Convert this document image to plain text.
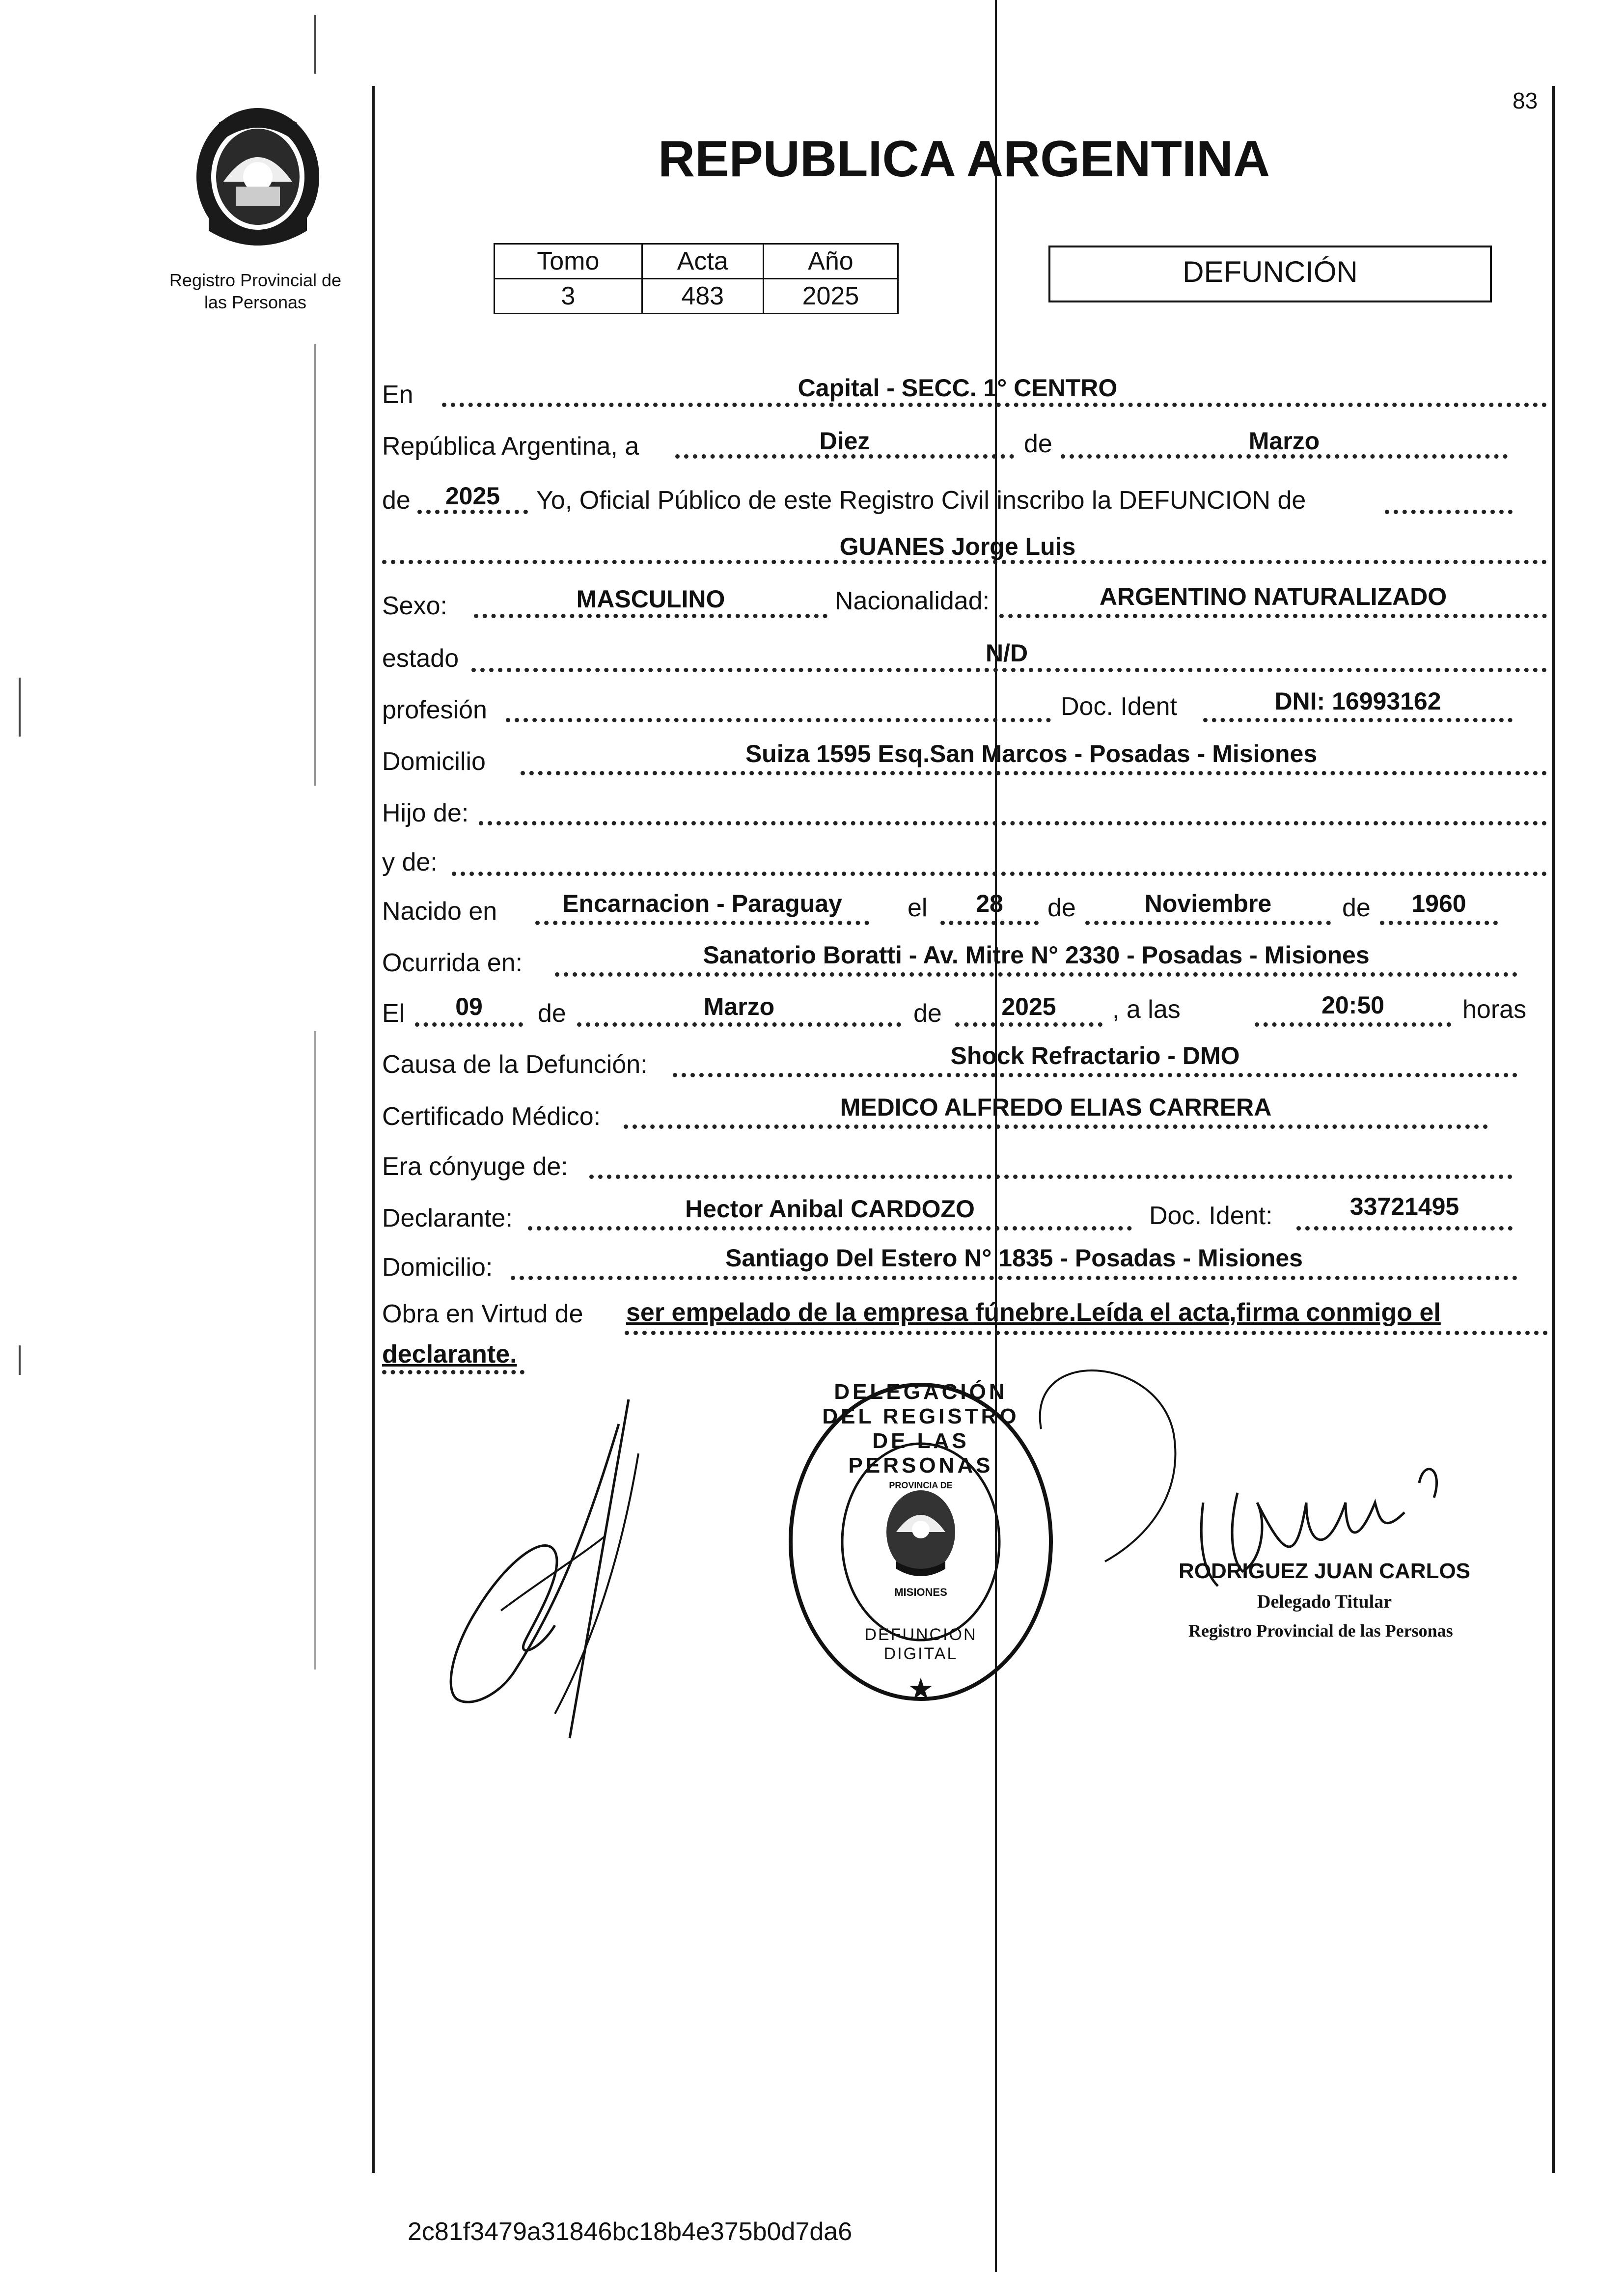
83
Registro Provincial de
las Personas
REPUBLICA ARGENTINA
Tomo	Acta	Año
3	483	2025
DEFUNCIÓN
En	Capital - SECC. 1° CENTRO
República Argentina, a	Diez	de	Marzo
de	2025	Yo, Oficial Público de este Registro Civil inscribo la DEFUNCION de
GUANES Jorge Luis
Sexo:	MASCULINO	Nacionalidad:	ARGENTINO NATURALIZADO
estado	N/D
profesión	Doc. Ident	DNI: 16993162
Domicilio	Suiza 1595 Esq.San Marcos - Posadas - Misiones
Hijo de:
y de:
Nacido en	Encarnacion - Paraguay	el	28	de	Noviembre	de	1960
Ocurrida en:	Sanatorio Boratti - Av. Mitre N° 2330 - Posadas - Misiones
El	09	de	Marzo	de	2025	, a las	20:50	horas
Causa de la Defunción:	Shock Refractario - DMO
Certificado Médico:	MEDICO ALFREDO ELIAS CARRERA
Era cónyuge de:
Declarante:	Hector Anibal CARDOZO	Doc. Ident:	33721495
Domicilio:	Santiago Del Estero N° 1835 - Posadas - Misiones
Obra en Virtud de ser empelado de la empresa fúnebre.Leída el acta,firma conmigo el
declarante.
★
DELEGACIÓN DEL REGISTRO DE LAS PERSONAS
DEFUNCION DIGITAL
PROVINCIA DE
MISIONES
RODRIGUEZ JUAN CARLOS
Delegado Titular
Registro Provincial de las Personas
2c81f3479a31846bc18b4e375b0d7da6
